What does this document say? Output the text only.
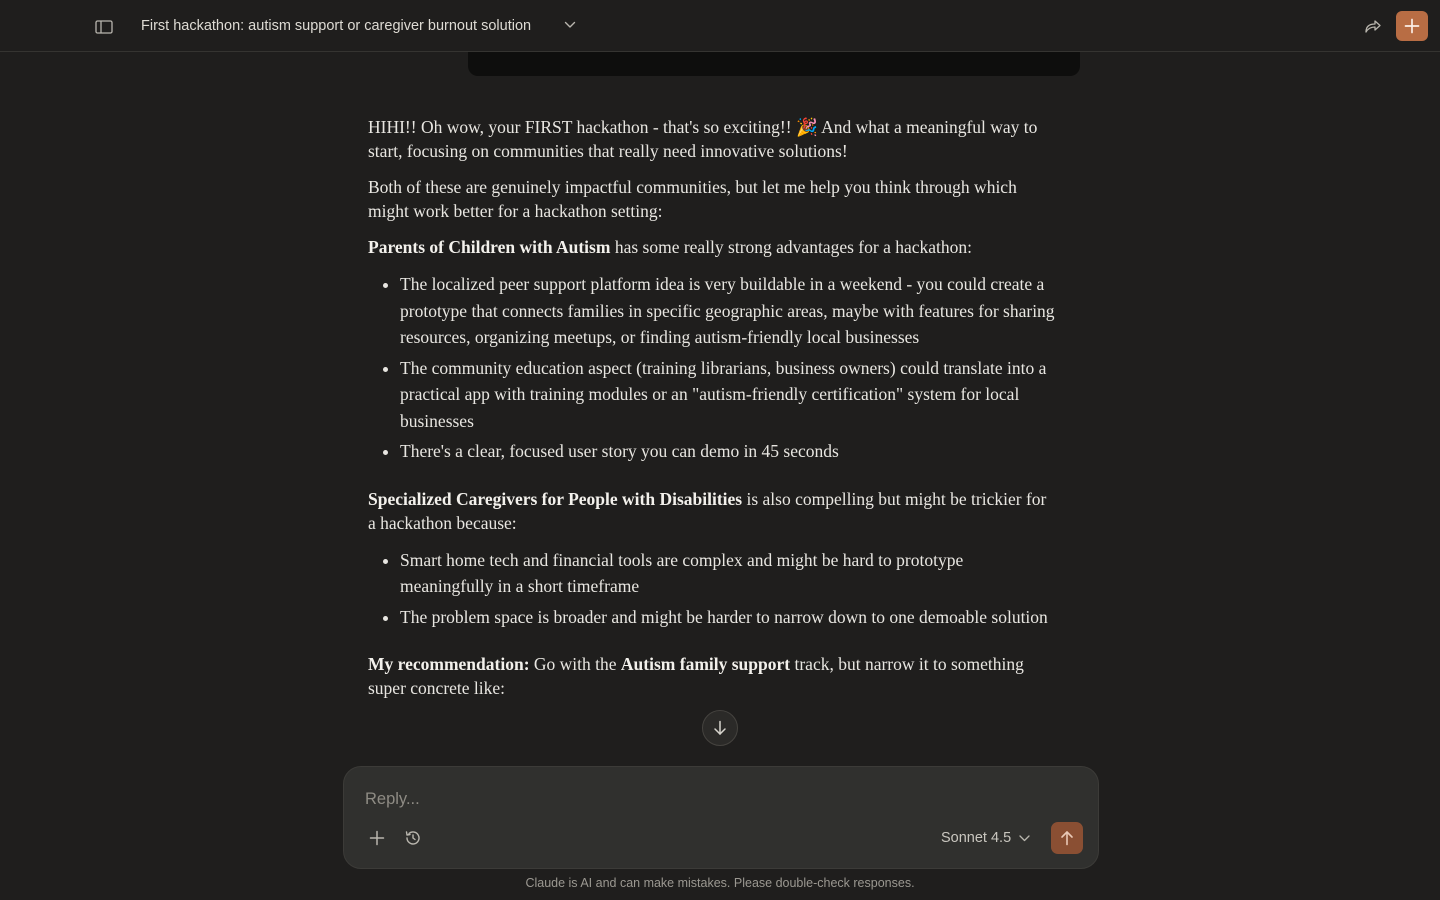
First hackathon: autism support or caregiver burnout solution

HIHI!! Oh wow, your FIRST hackathon - that's so exciting!! 🎉 And what a meaningful way to start, focusing on communities that really need innovative solutions!

Both of these are genuinely impactful communities, but let me help you think through which might work better for a hackathon setting:

Parents of Children with Autism has some really strong advantages for a hackathon:

• The localized peer support platform idea is very buildable in a weekend - you could create a prototype that connects families in specific geographic areas, maybe with features for sharing resources, organizing meetups, or finding autism-friendly local businesses
• The community education aspect (training librarians, business owners) could translate into a practical app with training modules or an "autism-friendly certification" system for local businesses
• There's a clear, focused user story you can demo in 45 seconds

Specialized Caregivers for People with Disabilities is also compelling but might be trickier for a hackathon because:

• Smart home tech and financial tools are complex and might be hard to prototype meaningfully in a short timeframe
• The problem space is broader and might be harder to narrow down to one demoable solution

My recommendation: Go with the Autism family support track, but narrow it to something super concrete like:

Reply...
Sonnet 4.5
Claude is AI and can make mistakes. Please double-check responses.
